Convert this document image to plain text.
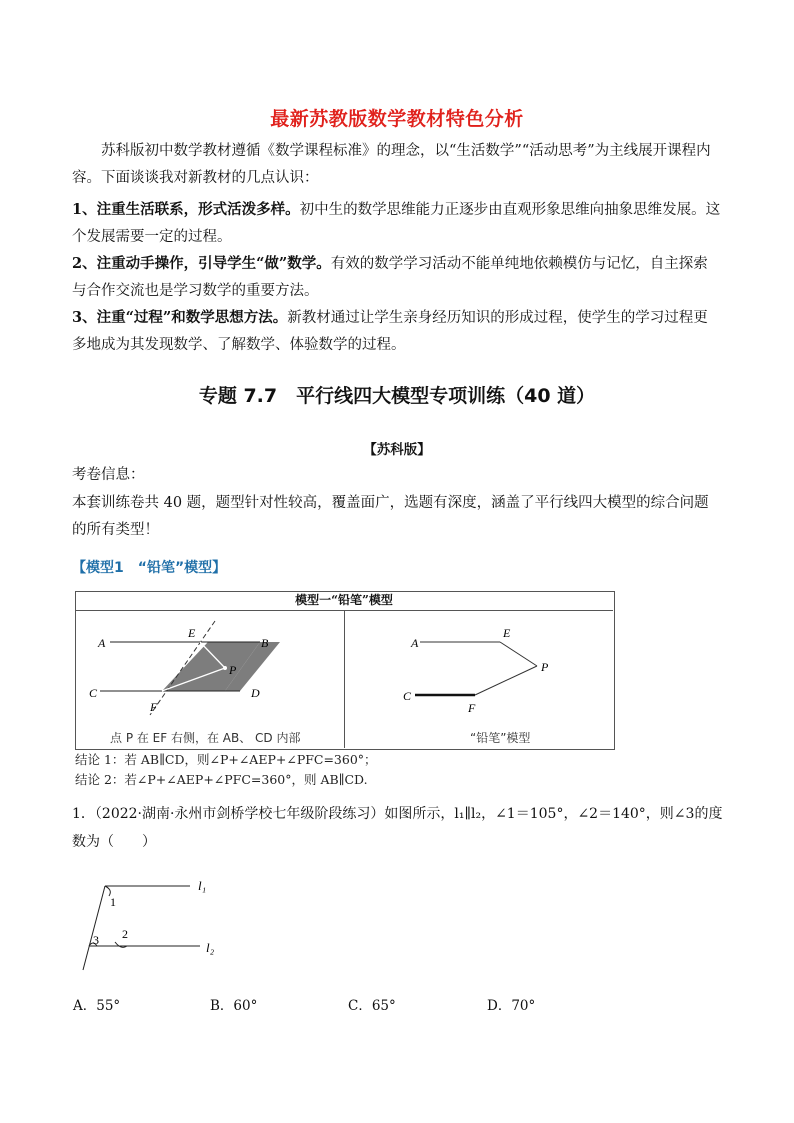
最新苏教版数学教材特色分析
苏科版初中数学教材遵循《数学课程标准》的理念，以“生活数学”“活动思考”为主线展开课程内容。下面谈谈我对新教材的几点认识：
1、注重生活联系，形式活泼多样。初中生的数学思维能力正逐步由直观形象思维向抽象思维发展。这个发展需要一定的过程。
2、注重动手操作，引导学生“做”数学。有效的数学学习活动不能单纯地依赖模仿与记忆，自主探索与合作交流也是学习数学的重要方法。
3、注重“过程”和数学思想方法。新教材通过让学生亲身经历知识的形成过程，使学生的学习过程更多地成为其发现数学、了解数学、体验数学的过程。
专题 7.7　平行线四大模型专项训练（40 道）
【苏科版】
考卷信息：
本套训练卷共 40 题，题型针对性较高，覆盖面广，选题有深度，涵盖了平行线四大模型的综合问题的所有类型！
【模型1　“铅笔”模型】
模型一“铅笔”模型
A	B
C	D
E
P
F
点 P 在 EF 右侧，在 AB、 CD 内部
A
E
P
C
F
“铅笔”模型
结论 1：若 AB∥CD，则∠P+∠AEP+∠PFC=360°；
结论 2：若∠P+∠AEP+∠PFC=360°，则 AB∥CD.
1．（2022·湖南·永州市剑桥学校七年级阶段练习）如图所示，l₁∥l₂，∠1＝105°，∠2＝140°，则∠3的度数为（　　）
l₁
l₂
1
2
3
A．55°	B．60°	C．65°	D．70°
